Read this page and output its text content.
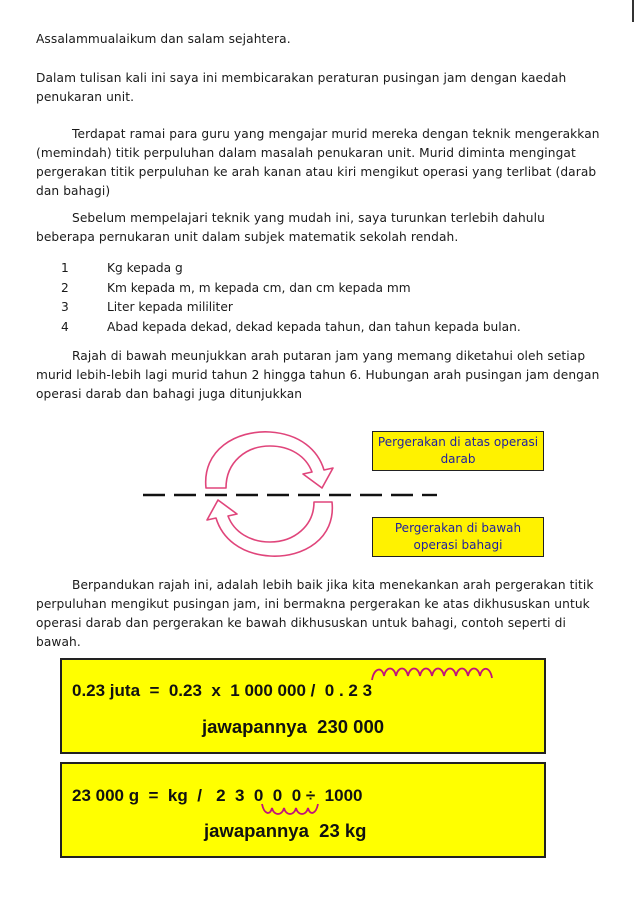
Assalammualaikum dan salam sejahtera.

Dalam tulisan kali ini saya ini membicarakan peraturan pusingan jam dengan kaedah penukaran unit.

Terdapat ramai para guru yang mengajar murid mereka dengan teknik mengerakkan (memindah) titik perpuluhan dalam masalah penukaran unit. Murid diminta mengingat pergerakan titik perpuluhan ke arah kanan atau kiri mengikut operasi yang terlibat (darab dan bahagi)

Sebelum mempelajari teknik yang mudah ini, saya turunkan terlebih dahulu beberapa pernukaran unit dalam subjek matematik sekolah rendah.

1	Kg kepada g
2	Km kepada m, m kepada cm, dan cm kepada mm
3	Liter kepada mililiter
4	Abad kepada dekad, dekad kepada tahun, dan tahun kepada bulan.

Rajah di bawah meunjukkan arah putaran jam yang memang diketahui oleh setiap murid lebih-lebih lagi murid tahun 2 hingga tahun 6. Hubungan arah pusingan jam dengan operasi darab dan bahagi juga ditunjukkan

Pergerakan di atas operasi darab
Pergerakan di bawah operasi bahagi

Berpandukan rajah ini, adalah lebih baik jika kita menekankan arah pergerakan titik perpuluhan mengikut pusingan jam, ini bermakna pergerakan ke atas dikhususkan untuk operasi darab dan pergerakan ke bawah dikhususkan untuk bahagi, contoh seperti di bawah.

0.23 juta  =  0.23  x  1 000 000 /  0 . 2 3
jawapannya  230 000
23 000 g  =  kg  /   2  3  0  0  0 ÷  1000
jawapannya  23 kg
